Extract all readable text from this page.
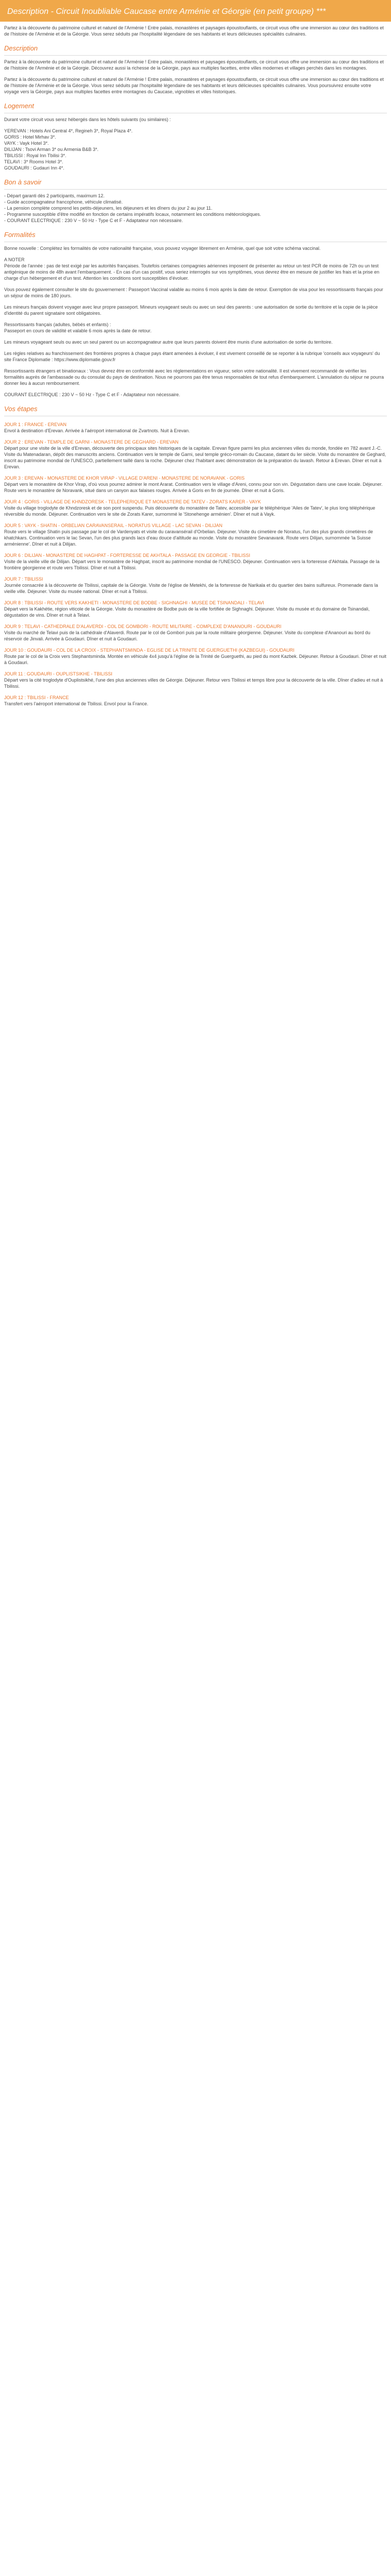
Description - Circuit Inoubliable Caucase entre Arménie et Géorgie (en petit groupe) ***

Partez à la découverte du patrimoine culturel et naturel de l'Arménie ! Entre palais, monastères et paysages époustouflants, ce circuit vous offre une immersion au cœur des traditions et de l'histoire de l'Arménie et de la Géorgie. Vous serez séduits par l'hospitalité légendaire de ses habitants et leurs délicieuses spécialités culinaires.

Description

Partez à la découverte du patrimoine culturel et naturel de l'Arménie ! Entre palais, monastères et paysages époustouflants, ce circuit vous offre une immersion au cœur des traditions et de l'histoire de l'Arménie et de la Géorgie. Découvrez aussi la richesse de la Géorgie, pays aux multiples facettes, entre villes modernes et villages perchés dans les montagnes.

Partez à la découverte du patrimoine culturel et naturel de l'Arménie ! Entre palais, monastères et paysages époustouflants, ce circuit vous offre une immersion au cœur des traditions et de l'histoire de l'Arménie et de la Géorgie. Vous serez séduits par l'hospitalité légendaire de ses habitants et leurs délicieuses spécialités culinaires. Vous poursuivrez ensuite votre voyage vers la Géorgie, pays aux multiples facettes entre montagnes du Caucase, vignobles et villes historiques.

Logement

Durant votre circuit vous serez hébergés dans les hôtels suivants (ou similaires) :

YEREVAN : Hotels Ani Central 4*, Regineh 3*, Royal Plaza 4*.
GORIS : Hotel Mirhav 3*.
VAYK : Vayk Hotel 3*.
DILIJAN : Tsovi Arman 3* ou Armenia B&B 3*.
TBILISSI : Royal Inn Tbilisi 3*.
TELAVI : 3* Rooms Hotel 3*.
GOUDAURI : Gudauri Inn 4*.
Bon à savoir
- Départ garanti dès 2 participants, maximum 12.
- Guide accompagnateur francophone, véhicule climatisé.
- La pension complète comprend les petits-déjeuners, les déjeuners et les dîners du jour 2 au jour 11.
- Programme susceptible d'être modifié en fonction de certains impératifs locaux, notamment les conditions météorologiques.
- COURANT ELECTRIQUE : 230 V ~ 50 Hz - Type C et F - Adaptateur non nécessaire.
Formalités

Bonne nouvelle : Complétez les formalités de votre nationalité française, vous pouvez voyager librement en Arménie, quel que soit votre schéma vaccinal.

A NOTER
Période de l'année : pas de test exigé par les autorités françaises. Toutefois certaines compagnies aériennes imposent de présenter au retour un test PCR de moins de 72h ou un test antigénique de moins de 48h avant l'embarquement. - En cas d'un cas positif, vous seriez interrogés sur vos symptômes, vous devrez être en mesure de justifier les frais et la prise en charge d'un hébergement et d'un test. Attention les conditions sont susceptibles d'évoluer.

Vous pouvez également consulter le site du gouvernement : Passeport Vaccinal valable au moins 6 mois après la date de retour. Exemption de visa pour les ressortissants français pour un séjour de moins de 180 jours.

Les mineurs français doivent voyager avec leur propre passeport. Mineurs voyageant seuls ou avec un seul des parents : une autorisation de sortie du territoire et la copie de la pièce d'identité du parent signataire sont obligatoires.

Ressortissants français (adultes, bébés et enfants) :
Passeport en cours de validité et valable 6 mois après la date de retour.

Les mineurs voyageant seuls ou avec un seul parent ou un accompagnateur autre que leurs parents doivent être munis d'une autorisation de sortie du territoire.

Les règles relatives au franchissement des frontières propres à chaque pays étant amenées à évoluer, il est vivement conseillé de se reporter à la rubrique 'conseils aux voyageurs' du site France Diplomatie : https://www.diplomatie.gouv.fr

Ressortissants étrangers et binationaux : Vous devrez être en conformité avec les réglementations en vigueur, selon votre nationalité. Il est vivement recommandé de vérifier les formalités auprès de l'ambassade ou du consulat du pays de destination. Nous ne pourrons pas être tenus responsables de tout refus d'embarquement. L'annulation du séjour ne pourra donner lieu à aucun remboursement.

COURANT ELECTRIQUE : 230 V ~ 50 Hz - Type C et F - Adaptateur non nécessaire.

Vos étapes
JOUR 1 : FRANCE - EREVAN
Envol à destination d'Erevan. Arrivée à l'aéroport international de Zvartnots. Nuit à Erevan.
JOUR 2 : EREVAN - TEMPLE DE GARNI - MONASTERE DE GEGHARD - EREVAN
Départ pour une visite de la ville d'Erevan, découverte des principaux sites historiques de la capitale. Erevan figure parmi les plus anciennes villes du monde, fondée en 782 avant J.-C. Visite du Matenadaran, dépôt des manuscrits anciens. Continuation vers le temple de Garni, seul temple gréco-romain du Caucase, datant du Ier siècle. Visite du monastère de Geghard, inscrit au patrimoine mondial de l'UNESCO, partiellement taillé dans la roche. Déjeuner chez l'habitant avec démonstration de la préparation du lavash. Retour à Erevan. Dîner et nuit à Erevan.
JOUR 3 : EREVAN - MONASTERE DE KHOR VIRAP - VILLAGE D'ARENI - MONASTERE DE NORAVANK - GORIS
Départ vers le monastère de Khor Virap, d'où vous pourrez admirer le mont Ararat. Continuation vers le village d'Areni, connu pour son vin. Dégustation dans une cave locale. Déjeuner. Route vers le monastère de Noravank, situé dans un canyon aux falaises rouges. Arrivée à Goris en fin de journée. Dîner et nuit à Goris.
JOUR 4 : GORIS - VILLAGE DE KHNDZORESK - TELEPHERIQUE ET MONASTERE DE TATEV - ZORATS KARER - VAYK
Visite du village troglodyte de Khndzoresk et de son pont suspendu. Puis découverte du monastère de Tatev, accessible par le téléphérique 'Ailes de Tatev', le plus long téléphérique réversible du monde. Déjeuner. Continuation vers le site de Zorats Karer, surnommé le 'Stonehenge arménien'. Dîner et nuit à Vayk.
JOUR 5 : VAYK - SHATIN - ORBELIAN CARAVANSERAIL - NORATUS VILLAGE - LAC SEVAN - DILIJAN
Route vers le village Shatin puis passage par le col de Vardenyats et visite du caravansérail d'Orbelian. Déjeuner. Visite du cimetière de Noratus, l'un des plus grands cimetières de khatchkars. Continuation vers le lac Sevan, l'un des plus grands lacs d'eau douce d'altitude au monde. Visite du monastère Sevanavank. Route vers Dilijan, surnommée 'la Suisse arménienne'. Dîner et nuit à Dilijan.
JOUR 6 : DILIJAN - MONASTERE DE HAGHPAT - FORTERESSE DE AKHTALA - PASSAGE EN GEORGIE - TBILISSI
Visite de la vieille ville de Dilijan. Départ vers le monastère de Haghpat, inscrit au patrimoine mondial de l'UNESCO. Déjeuner. Continuation vers la forteresse d'Akhtala. Passage de la frontière géorgienne et route vers Tbilissi. Dîner et nuit à Tbilissi.
JOUR 7 : TBILISSI
Journée consacrée à la découverte de Tbilissi, capitale de la Géorgie. Visite de l'église de Metekhi, de la forteresse de Narikala et du quartier des bains sulfureux. Promenade dans la vieille ville. Déjeuner. Visite du musée national. Dîner et nuit à Tbilissi.
JOUR 8 : TBILISSI - ROUTE VERS KAKHETI - MONASTERE DE BODBE - SIGHNAGHI - MUSEE DE TSINANDALI - TELAVI
Départ vers la Kakhétie, région viticole de la Géorgie. Visite du monastère de Bodbe puis de la ville fortifiée de Sighnaghi. Déjeuner. Visite du musée et du domaine de Tsinandali, dégustation de vins. Dîner et nuit à Telavi.
JOUR 9 : TELAVI - CATHEDRALE D'ALAVERDI - COL DE GOMBORI - ROUTE MILITAIRE - COMPLEXE D'ANANOURI - GOUDAURI
Visite du marché de Telavi puis de la cathédrale d'Alaverdi. Route par le col de Gombori puis par la route militaire géorgienne. Déjeuner. Visite du complexe d'Ananouri au bord du réservoir de Jinvali. Arrivée à Goudauri. Dîner et nuit à Goudauri.
JOUR 10 : GOUDAURI - COL DE LA CROIX - STEPHANTSMINDA - EGLISE DE LA TRINITE DE GUERGUETHI (KAZBEGUI) - GOUDAURI
Route par le col de la Croix vers Stephantsminda. Montée en véhicule 4x4 jusqu'à l'église de la Trinité de Guerguethi, au pied du mont Kazbek. Déjeuner. Retour à Goudauri. Dîner et nuit à Goudauri.
JOUR 11 : GOUDAURI - OUPLISTSIKHE - TBILISSI
Départ vers la cité troglodyte d'Ouplistsikhé, l'une des plus anciennes villes de Géorgie. Déjeuner. Retour vers Tbilissi et temps libre pour la découverte de la ville. Dîner d'adieu et nuit à Tbilissi.
JOUR 12 : TBILISSI - FRANCE
Transfert vers l'aéroport international de Tbilissi. Envol pour la France.
